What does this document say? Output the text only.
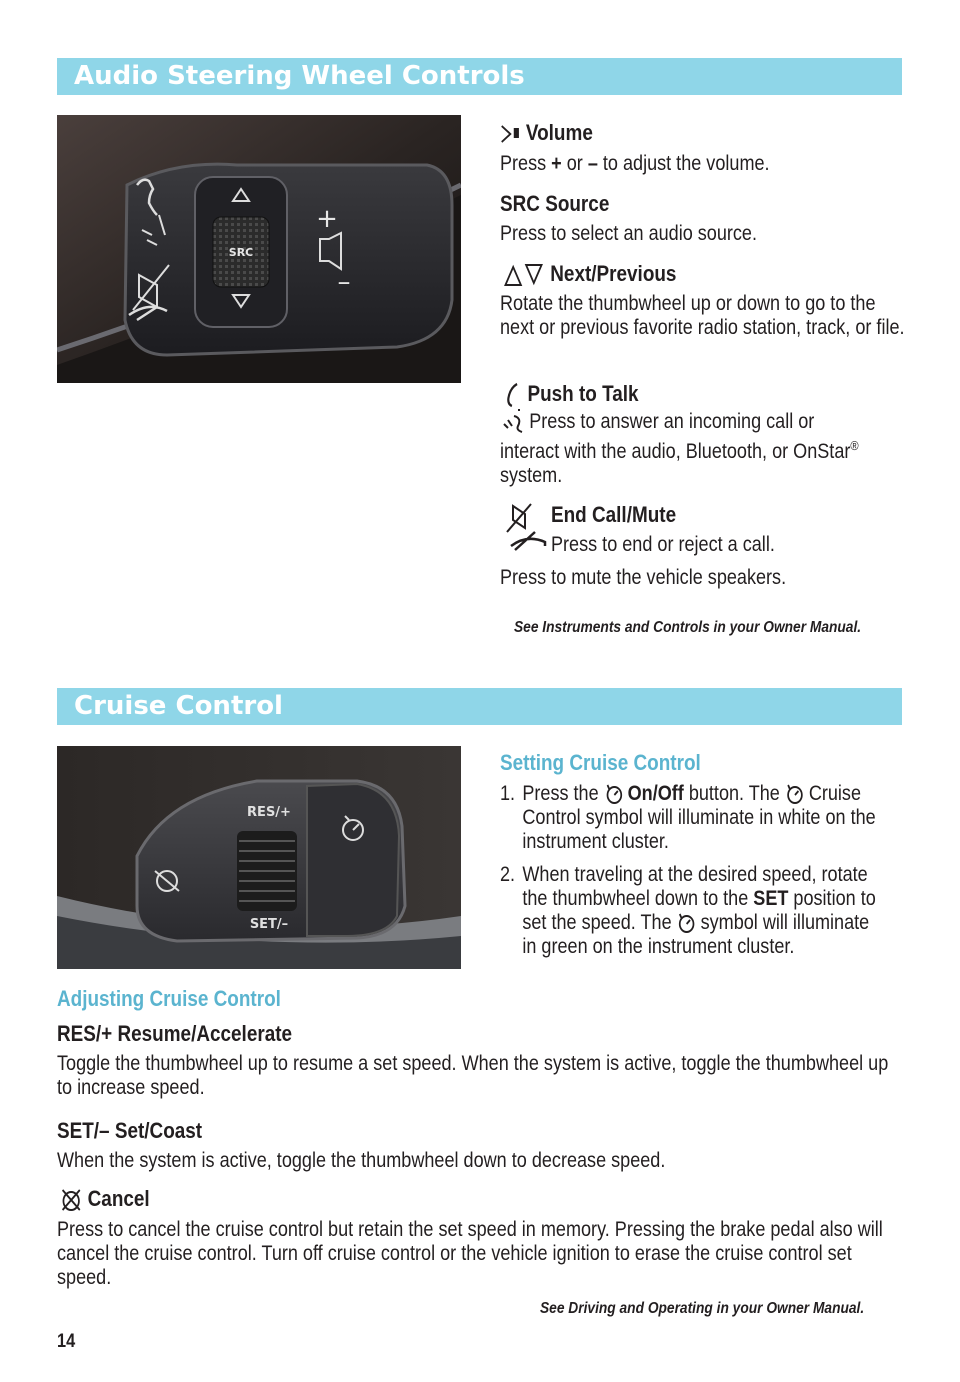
Audio Steering Wheel Controls
SRC
+
–

Volume

Press + or – to adjust the volume.
SRC Source
Press to select an audio source.
Next/Previous
Rotate the thumbwheel up or down to go to the next or previous favorite radio station, track, or file.
Push to Talk
Press to answer an incoming call or interact with the audio, Bluetooth, or OnStar® system.
End Call/Mute
Press to end or reject a call.
Press to mute the vehicle speakers.
See Instruments and Controls in your Owner Manual.
Cruise Control
RES/+
SET/–
Setting Cruise Control
1. Press the  On/Off button. The  Cruise Control symbol will illuminate in white on the instrument cluster.
2. When traveling at the desired speed, rotate the thumbwheel down to the SET position to set the speed. The  symbol will illuminate in green on the instrument cluster.
Adjusting Cruise Control
RES/+ Resume/Accelerate
Toggle the thumbwheel up to resume a set speed. When the system is active, toggle the thumbwheel up to increase speed.
SET/– Set/Coast
When the system is active, toggle the thumbwheel down to decrease speed.
Cancel
Press to cancel the cruise control but retain the set speed in memory. Pressing the brake pedal also will cancel the cruise control. Turn off cruise control or the vehicle ignition to erase the cruise control set speed.
See Driving and Operating in your Owner Manual.
14
